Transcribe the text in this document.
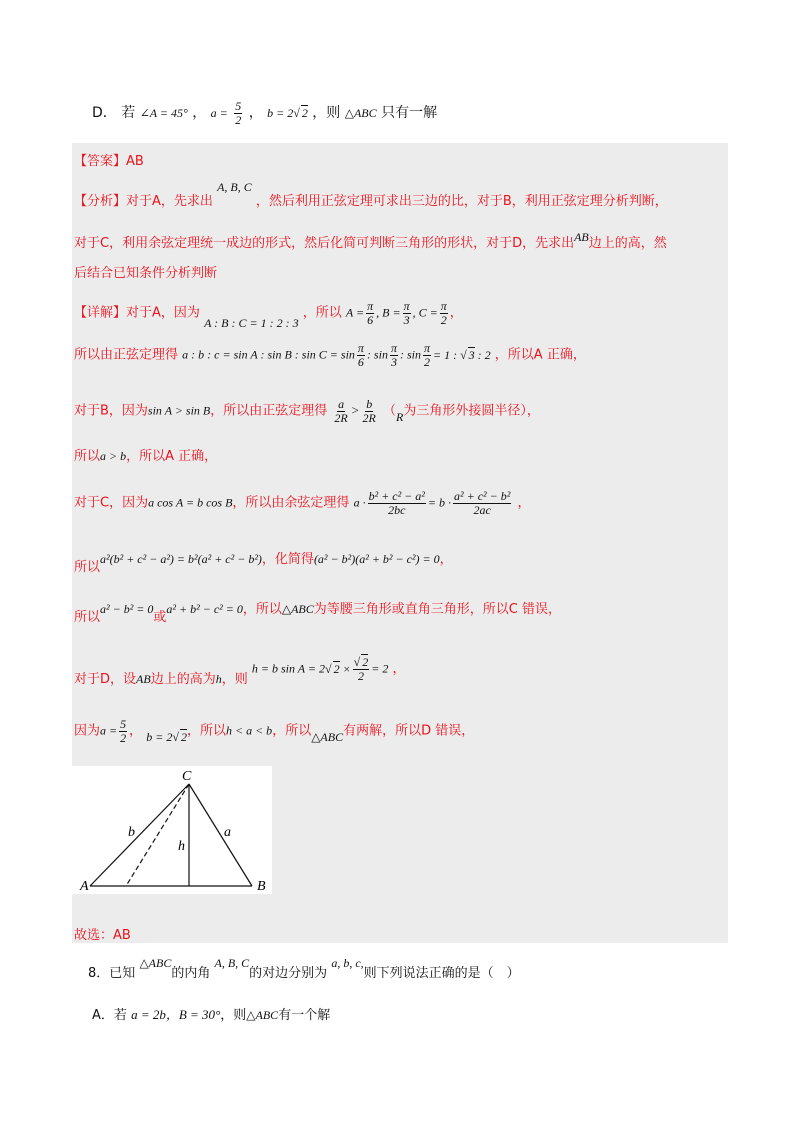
D． 若 ∠A = 45° ， $a = \frac{5}{2}$ ， b = 2√ 2 ，则 △ABC 只有一解
【答案】AB
【分析】对于A，先求出 A, B, C ，然后利用正弦定理可求出三边的比，对于B，利用正弦定理分析判断，
对于C，利用余弦定理统一成边的形式，然后化简可判断三角形的形状，对于D，先求出AB边上的高，然
后结合已知条件分析判断
【详解】对于A，因为 A : B : C = 1 : 2 : 3 ，所以 $A = \frac{\pi}{6}$ , $B = \frac{\pi}{3}$ , $C = \frac{\pi}{2}$ ，
所以由正弦定理得 a : b : c = sin A : sin B : $\sin C = \sin \frac{\pi}{6}$ : $\sin \frac{\pi}{3}$ : $\sin \frac{\pi}{2} = 1$ : √ 3 : 2 ，所以A 正确，
对于B，因为sin A > sin B，所以由正弦定理得 $\frac{a}{2R} > \frac{b}{2R} (R$为三角形外接圆半径），
所以a > b，所以A 正确，
对于C，因为a cos A = b cos B，所以由余弦定理得 $a \cdot \frac{\text{b² + c² − a²}}{2bc} = b \cdot \frac{\text{a² + c² − b²}}{2ac}$ ，
所以a²(b² + c² − a²) = b²(a² + c² − b²)，化简得(a² − b²)(a² + b² − c²) = 0，
所以a² − b² = 0或a² + b² − c² = 0，所以△ABC为等腰三角形或直角三角形，所以C 错误，
对于D，设AB边上的高为h，则 h = b sin A = 2√ $2 \times \frac{√ 2}{2} = 2$ ，
因为$a = \frac{5}{2}$ ， b = 2√ 2，所以h < a < b，所以△ABC有两解，所以D 错误，
A	B
C
a
b
h
故选：AB
8．已知 △ABC的内角 A, B, C的对边分别为 a, b, c,则下列说法正确的是（　）
A．若 a = 2b，B = 30°，则△ABC有一个解
